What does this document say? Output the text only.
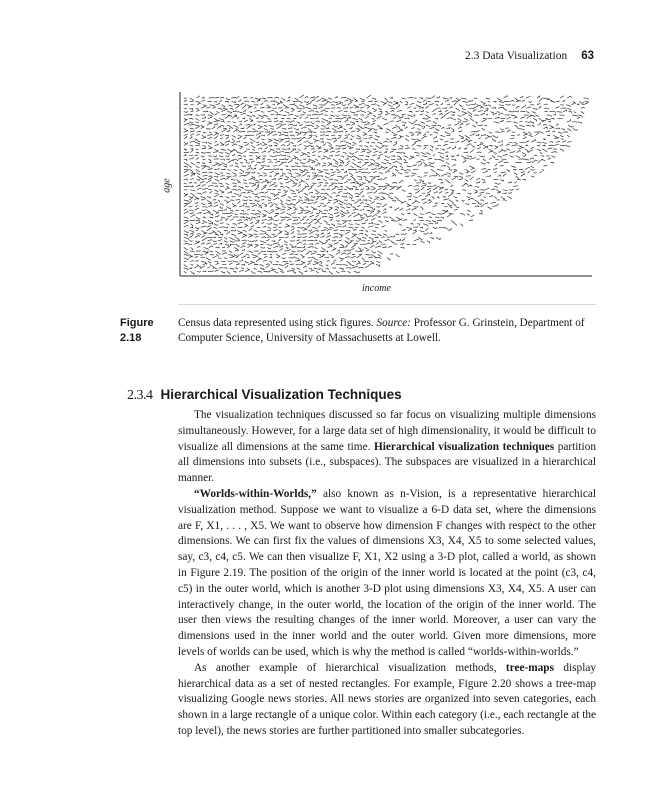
2.3 Data Visualization 63
age
income
Figure 2.18
Census data represented using stick figures. Source: Professor G. Grinstein, Department of Computer Science, University of Massachusetts at Lowell.
2.3.4 Hierarchical Visualization Techniques

The visualization techniques discussed so far focus on visualizing multiple dimensions simultaneously. However, for a large data set of high dimensionality, it would be difficult to visualize all dimensions at the same time. Hierarchical visualization techniques partition all dimensions into subsets (i.e., subspaces). The subspaces are visualized in a hierarchical manner.

“Worlds-within-Worlds,” also known as n-Vision, is a representative hierarchical visualization method. Suppose we want to visualize a 6-D data set, where the dimensions are F, X1, . . . , X5. We want to observe how dimension F changes with respect to the other dimensions. We can first fix the values of dimensions X3, X4, X5 to some selected values, say, c3, c4, c5. We can then visualize F, X1, X2 using a 3-D plot, called a world, as shown in Figure 2.19. The position of the origin of the inner world is located at the point (c3, c4, c5) in the outer world, which is another 3-D plot using dimensions X3, X4, X5. A user can interactively change, in the outer world, the location of the origin of the inner world. The user then views the resulting changes of the inner world. Moreover, a user can vary the dimensions used in the inner world and the outer world. Given more dimensions, more levels of worlds can be used, which is why the method is called “worlds-within-worlds.”

As another example of hierarchical visualization methods, tree-maps display hierarchical data as a set of nested rectangles. For example, Figure 2.20 shows a tree-map visualizing Google news stories. All news stories are organized into seven categories, each shown in a large rectangle of a unique color. Within each category (i.e., each rectangle at the top level), the news stories are further partitioned into smaller subcategories.
